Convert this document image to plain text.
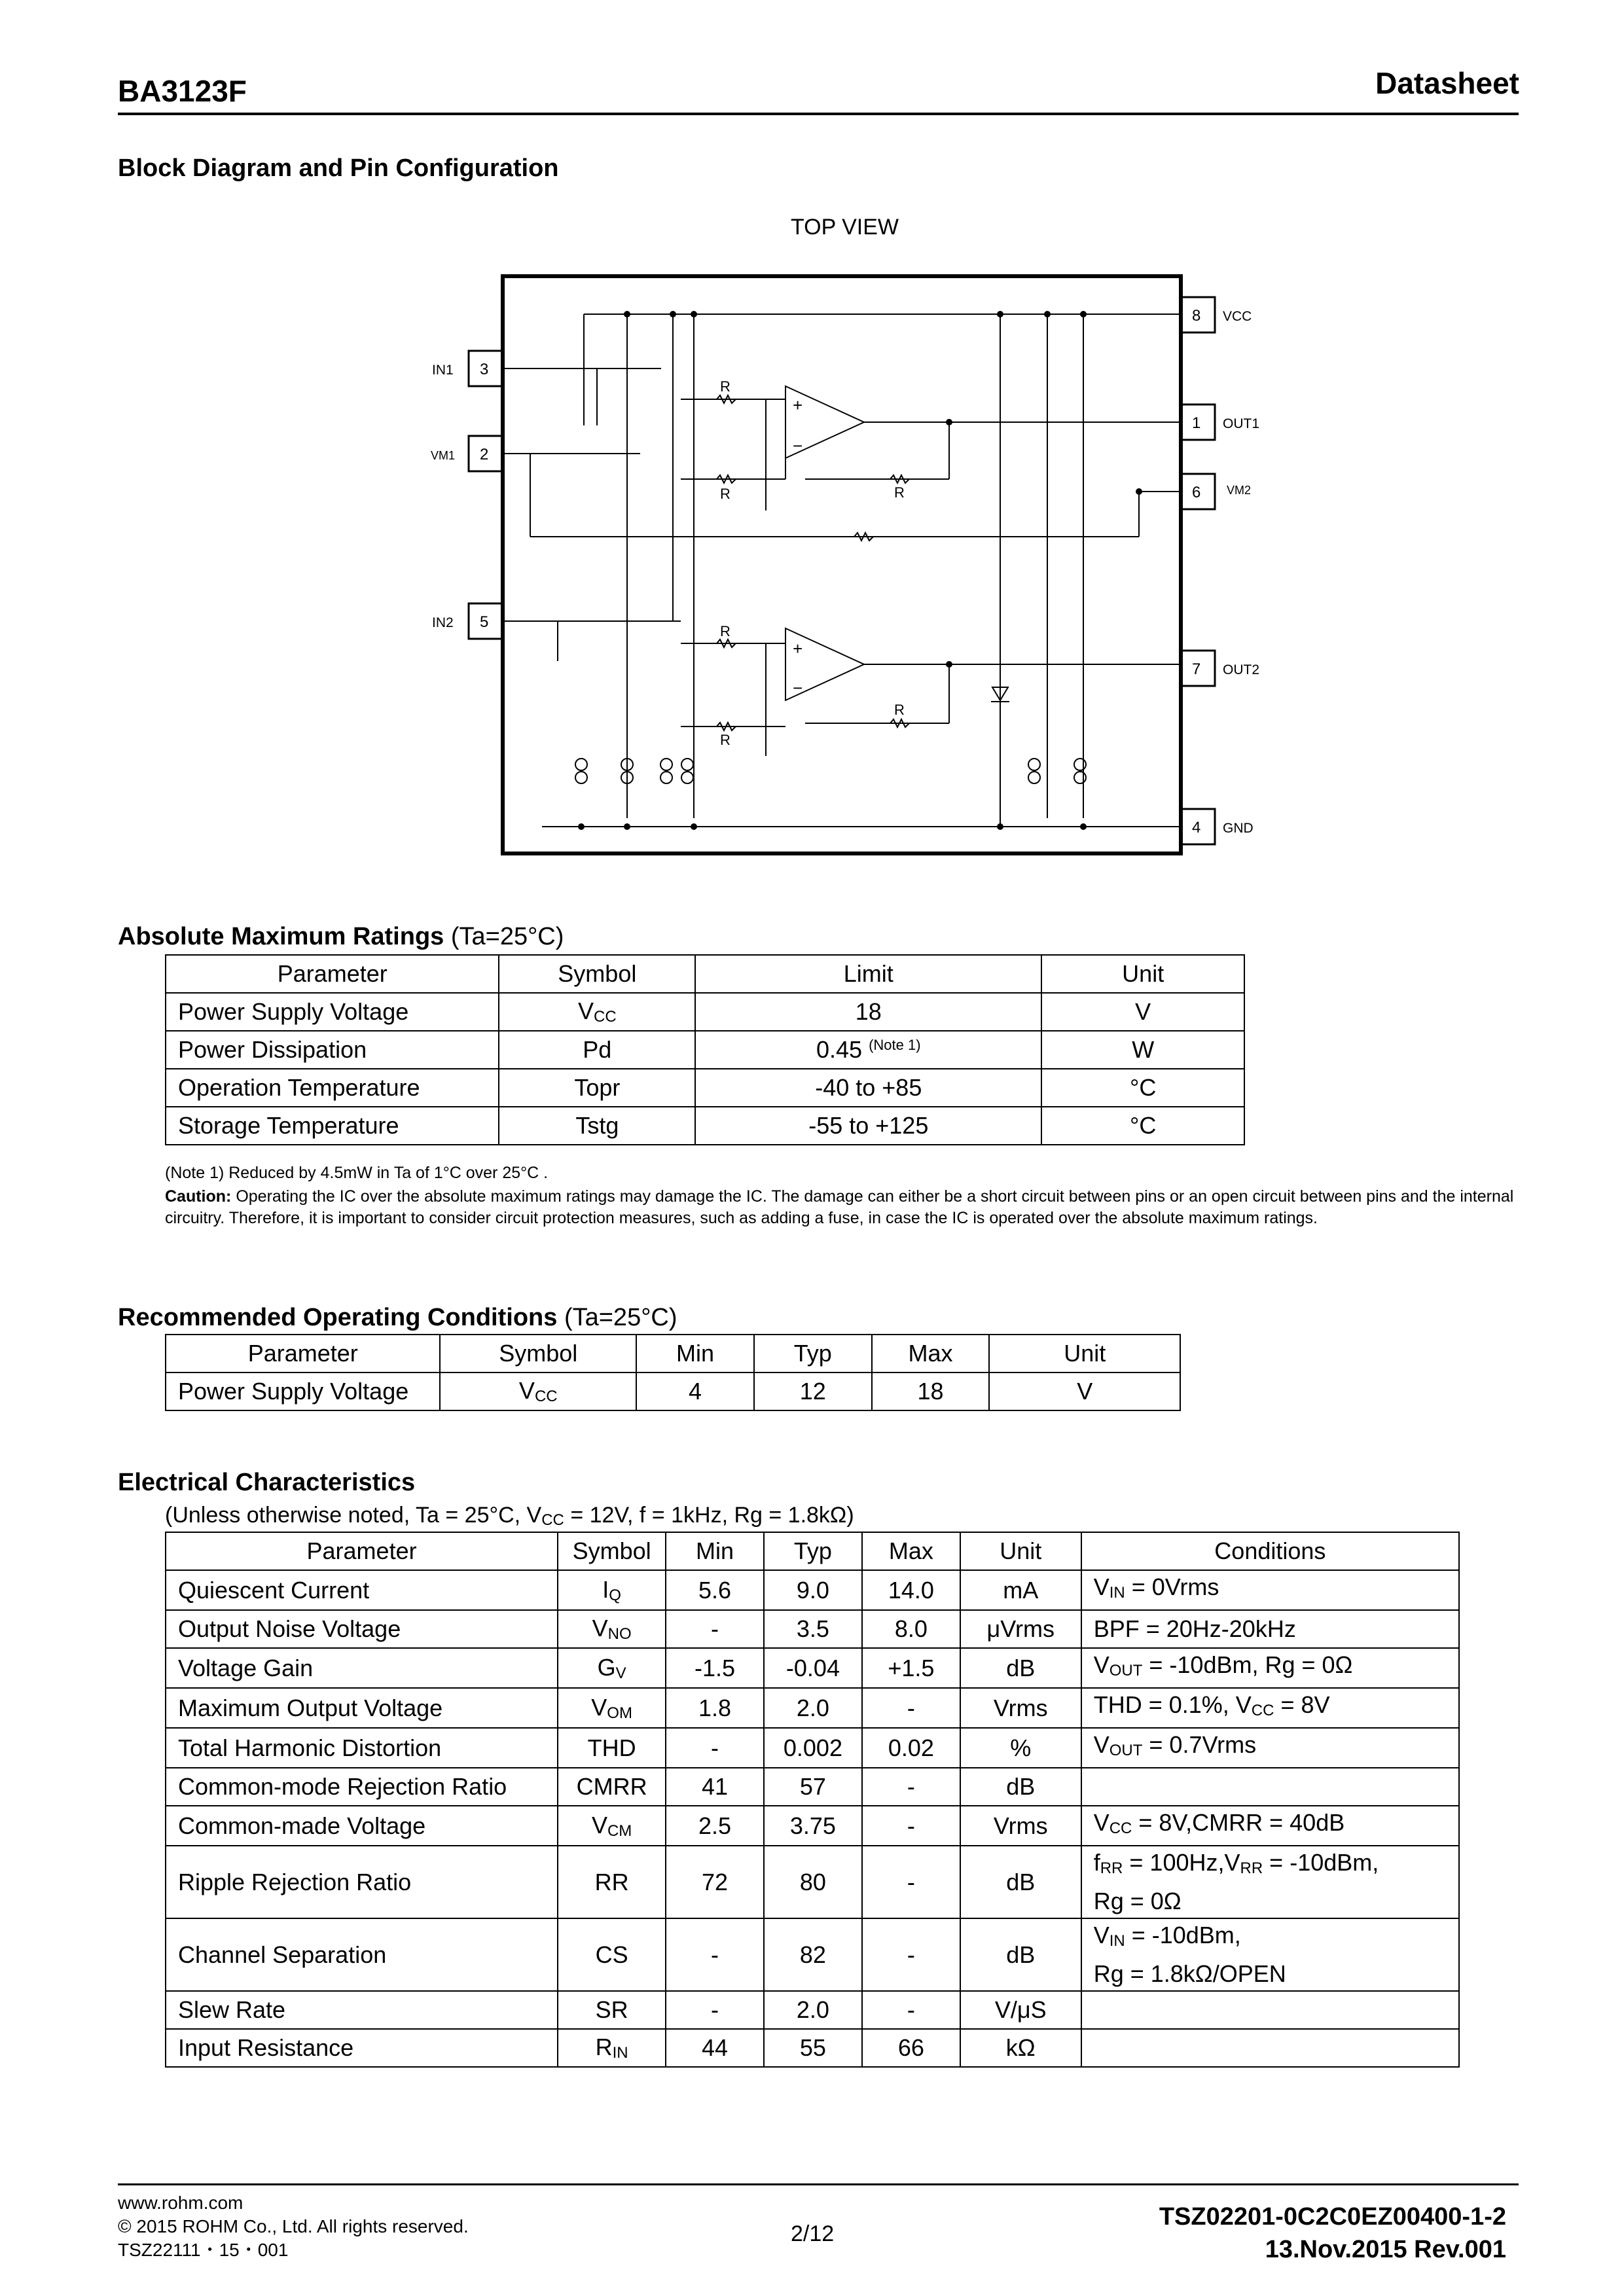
BA3123F	Datasheet
Block Diagram and Pin Configuration
TOP VIEW
+
−
+
−
R
R	R
R
R
R
3
IN1
2
VM1
5
IN2
8 VCC
1 OUT1
6 VM2
7 OUT2
4 GND
Absolute Maximum Ratings (Ta=25°C)
Parameter	Symbol	Limit	Unit
Power Supply Voltage	$V_{CC}$	18	V
Power Dissipation	Pd	0.45 $^{(Note 1)}$	W
Operation Temperature	Topr	-40 to +85	°C
Storage Temperature	Tstg	-55 to +125	°C
(Note 1) Reduced by 4.5mW in Ta of 1°C over 25°C .
Caution: Operating the IC over the absolute maximum ratings may damage the IC. The damage can either be a short circuit between pins or an open circuit between pins and the internal circuitry. Therefore, it is important to consider circuit protection measures, such as adding a fuse, in case the IC is operated over the absolute maximum ratings.
Recommended Operating Conditions (Ta=25°C)
Parameter	Symbol	Min	Typ	Max	Unit
Power Supply Voltage	$V_{CC}$	4	12	18	V
Electrical Characteristics
(Unless otherwise noted, Ta = 25°C, $V_{CC} = 12V$, f = 1kHz, Rg = 1.8kΩ)
Parameter	Symbol	Min	Typ	Max	Unit	Conditions
Quiescent Current	$I_Q$	5.6	9.0	14.0	mA	$V_{IN}$ = 0Vrms
Output Noise Voltage	$V_{NO}$	-	3.5	8.0	μVrms	BPF = 20Hz-20kHz
Voltage Gain	$G_V$	-1.5	-0.04	+1.5	dB	$V_{OUT} = -10dBm$, Rg = 0Ω
Maximum Output Voltage	$V_{OM}$	1.8	2.0	-	Vrms	THD = 0.1%, $V_{CC} = 8V$
Total Harmonic Distortion	THD	-	0.002	0.02	%	$V_{OUT}$ = 0.7Vrms
Common-mode Rejection Ratio	CMRR	41	57	-	dB	
Common-made Voltage	$V_{CM}$	2.5	3.75	-	Vrms	$V_{CC}$ = 8V,CMRR = 40dB
Ripple Rejection Ratio	RR	72	80	-	dB	$f_{RR} = 100Hz,V_{RR} = -10dBm$,
Rg = 0Ω
Channel Separation	CS	-	82	-	dB	$V_{IN} = -10dBm$,
Rg = 1.8kΩ/OPEN
Slew Rate	SR	-	2.0	-	V/μS	
Input Resistance	$R_{IN}$	44	55	66	kΩ	
www.rohm.com
© 2015 ROHM Co., Ltd. All rights reserved.
TSZ22111・15・001
2/12
TSZ02201-0C2C0EZ00400-1-2
13.Nov.2015 Rev.001
